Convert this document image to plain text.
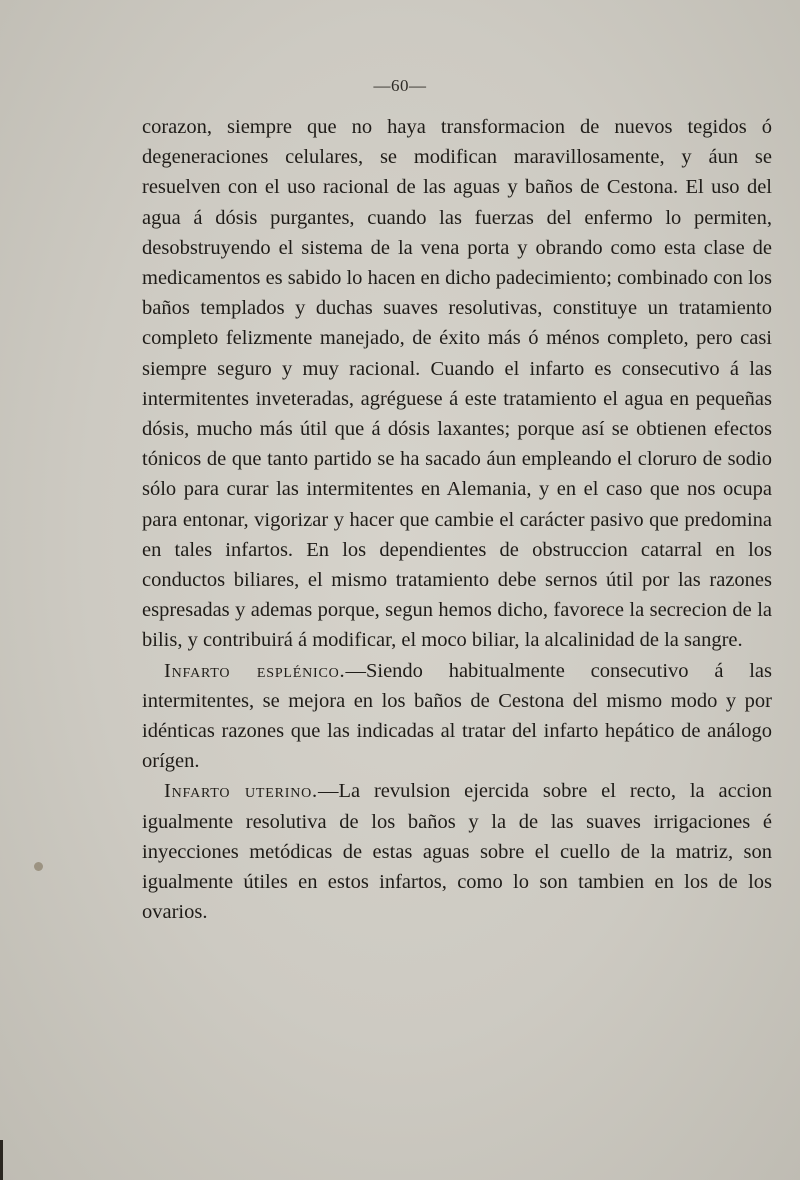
—60—

corazon, siempre que no haya transformacion de nuevos tegidos ó degeneraciones celulares, se modifican maravillosamente, y áun se resuelven con el uso racional de las aguas y baños de Cestona. El uso del agua á dósis purgantes, cuando las fuerzas del enfermo lo permiten, desobstruyendo el sistema de la vena porta y obrando como esta clase de medicamentos es sabido lo hacen en dicho padecimiento; combinado con los baños templados y duchas suaves resolutivas, constituye un tratamiento completo felizmente manejado, de éxito más ó ménos completo, pero casi siempre seguro y muy racional. Cuando el infarto es consecutivo á las intermitentes inveteradas, agréguese á este tratamiento el agua en pequeñas dósis, mucho más útil que á dósis laxantes; porque así se obtienen efectos tónicos de que tanto partido se ha sacado áun empleando el cloruro de sodio sólo para curar las intermitentes en Alemania, y en el caso que nos ocupa para entonar, vigorizar y hacer que cambie el carácter pasivo que predomina en tales infartos. En los dependientes de obstruccion catarral en los conductos biliares, el mismo tratamiento debe sernos útil por las razones espresadas y ademas porque, segun hemos dicho, favorece la secrecion de la bilis, y contribuirá á modificar, el moco biliar, la alcalinidad de la sangre.

Infarto esplénico.—Siendo habitualmente consecutivo á las intermitentes, se mejora en los baños de Cestona del mismo modo y por idénticas razones que las indicadas al tratar del infarto hepático de análogo orígen.

Infarto uterino.—La revulsion ejercida sobre el recto, la accion igualmente resolutiva de los baños y la de las suaves irrigaciones é inyecciones metódicas de estas aguas sobre el cuello de la matriz, son igualmente útiles en estos infartos, como lo son tambien en los de los ovarios.
